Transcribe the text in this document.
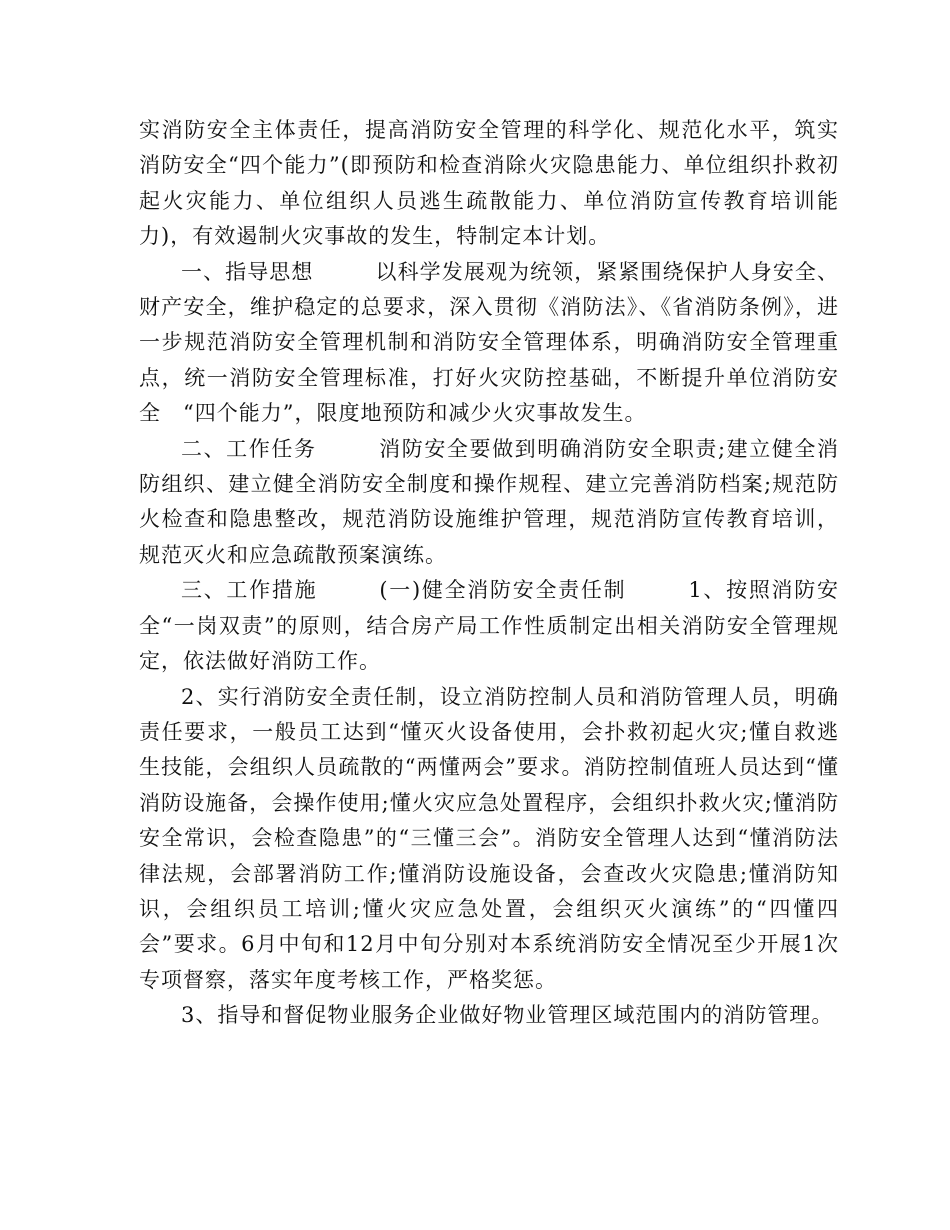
实消防安全主体责任，提高消防安全管理的科学化、规范化水平，筑实消防安全“四个能力”(即预防和检查消除火灾隐患能力、单位组织扑救初起火灾能力、单位组织人员逃生疏散能力、单位消防宣传教育培训能力)，有效遏制火灾事故的发生，特制定本计划。

一、指导思想	以科学发展观为统领，紧紧围绕保护人身安全、财产安全，维护稳定的总要求，深入贯彻《消防法》、《省消防条例》，进一步规范消防安全管理机制和消防安全管理体系，明确消防安全管理重点，统一消防安全管理标准，打好火灾防控基础，不断提升单位消防安全 “四个能力”，限度地预防和减少火灾事故发生。

二、工作任务	消防安全要做到明确消防安全职责;建立健全消防组织、建立健全消防安全制度和操作规程、建立完善消防档案;规范防火检查和隐患整改，规范消防设施维护管理，规范消防宣传教育培训，规范灭火和应急疏散预案演练。

三、工作措施	(一)健全消防安全责任制	1、按照消防安全“一岗双责”的原则，结合房产局工作性质制定出相关消防安全管理规定，依法做好消防工作。

2、实行消防安全责任制，设立消防控制人员和消防管理人员，明确责任要求，一般员工达到“懂灭火设备使用，会扑救初起火灾;懂自救逃生技能，会组织人员疏散的“两懂两会”要求。消防控制值班人员达到“懂消防设施备，会操作使用;懂火灾应急处置程序，会组织扑救火灾;懂消防安全常识，会检查隐患”的“三懂三会”。消防安全管理人达到“懂消防法律法规，会部署消防工作;懂消防设施设备，会查改火灾隐患;懂消防知识，会组织员工培训;懂火灾应急处置，会组织灭火演练”的“四懂四会”要求。6月中旬和12月中旬分别对本系统消防安全情况至少开展1次专项督察，落实年度考核工作，严格奖惩。

3、指导和督促物业服务企业做好物业管理区域范围内的消防管理。
